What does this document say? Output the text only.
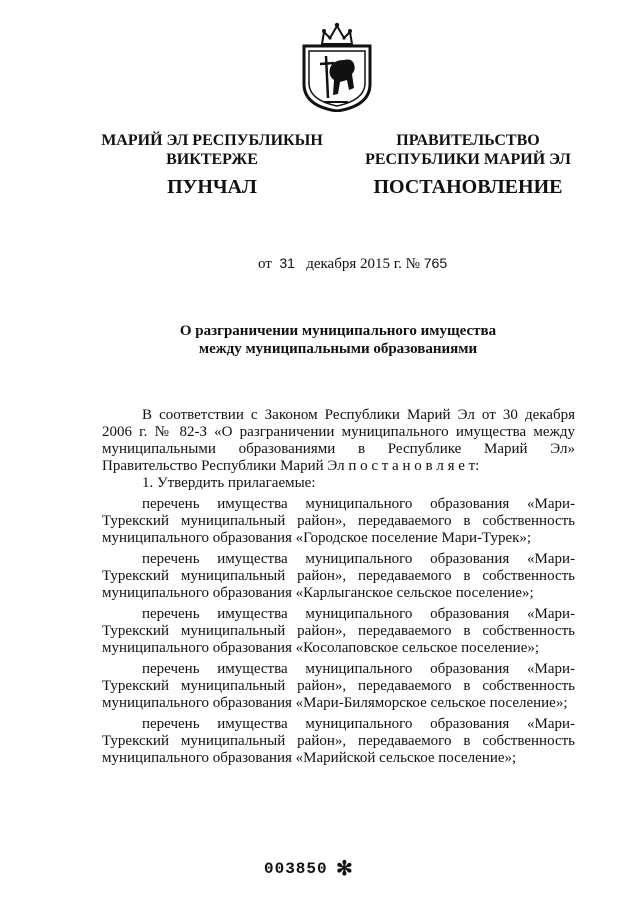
МАРИЙ ЭЛ РЕСПУБЛИКЫН
ВИКТЕРЖЕ
ПУНЧАЛ
ПРАВИТЕЛЬСТВО
РЕСПУБЛИКИ МАРИЙ ЭЛ
ПОСТАНОВЛЕНИЕ
от 31 декабря 2015 г. № 765
О разграничении муниципального имущества
между муниципальными образованиями

В соответствии с Законом Республики Марий Эл от 30 декабря 2006 г. № 82-З «О разграничении муниципального имущества между муниципальными образованиями в Республике Марий Эл» Правительство Республики Марий Эл п о с т а н о в л я е т:

1. Утвердить прилагаемые:

перечень имущества муниципального образования «Мари-Турекский муниципальный район», передаваемого в собственность муниципального образования «Городское поселение Мари-Турек»;

перечень имущества муниципального образования «Мари-Турекский муниципальный район», передаваемого в собственность муниципального образования «Карлыганское сельское поселение»;

перечень имущества муниципального образования «Мари-Турекский муниципальный район», передаваемого в собственность муниципального образования «Косолаповское сельское поселение»;

перечень имущества муниципального образования «Мари-Турекский муниципальный район», передаваемого в собственность муниципального образования «Мари-Биляморское сельское поселение»;

перечень имущества муниципального образования «Мари-Турекский муниципальный район», передаваемого в собственность муниципального образования «Марийской сельское поселение»;

003850 ✻
